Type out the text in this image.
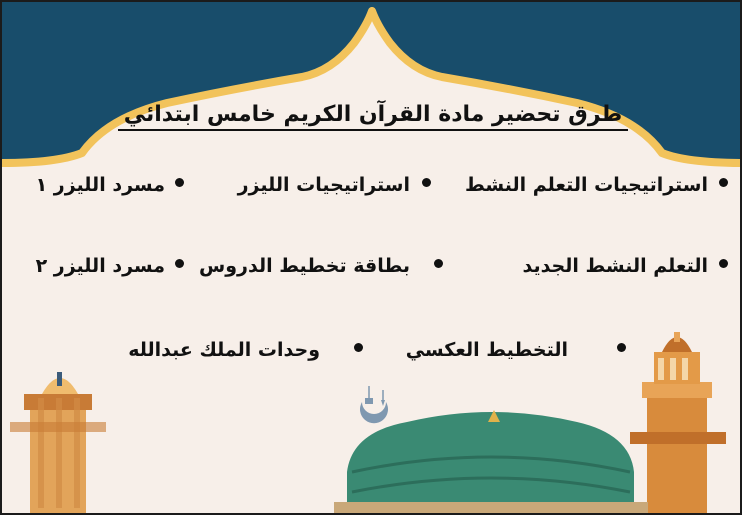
طرق تحضير مادة القرآن الكريم خامس ابتدائي
استراتيجيات التعلم النشط
استراتيجيات الليزر
مسرد الليزر ١
التعلم النشط الجديد
بطاقة تخطيط الدروس
مسرد الليزر ٢
التخطيط العكسي
وحدات الملك عبدالله
